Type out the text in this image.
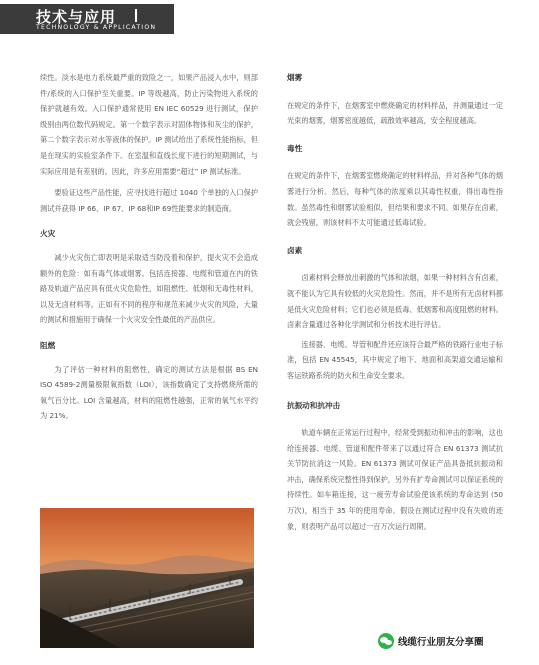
技术与应用
TECHNOLOGY & APPLICATION

续性。淡水是电力系统最严重的致险之一，如果产品浸入水中，则部件/系统的入口保护至关重要。IP 等级越高，防止污染物进入系统的保护就越有效。入口保护通常使用 EN IEC 60529 进行测试，保护级别由两位数代码规定。第一个数字表示对固体物体和灰尘的保护，第二个数字表示对水等液体的保护。IP 测试给出了系统性能指标，但是在现实的实验室条件下。在室温和直线长度下进行的短期测试，与实际应用是有差别的。因此，许多应用需要“超过” IP 测试标准。

要验证这些产品性能，应寻找进行超过 1040 个单独的入口保护测试并获得 IP 66、IP 67、IP 68和IP 69性能要求的制造商。

火灾

减少火灾伤亡即表明是采取适当防没着和保护，提火灾不会造成额外的危险：如有毒气体或烟雾。包括连接器、电缆和管道在内的铁路及轨道产品应具有低火灾危险性，如阻燃性、低烟和无毒性材料，以及无卤材料等。正如有不同的程序和规范来减少火灾的风险，大量的测试和措施用于确保一个火灾安全性最低的产品供应。

阻燃

为了评估一种材料的阻燃性，确定的测试方法是根据 BS EN ISO 4589-2测量极限氧指数（LOI），该指数确定了支持燃烧所需的氧气百分比。LOI 含量越高，材料的阻燃性越强，正常的氧气水平约为 21%。

烟雾

在规定的条件下，在烟雾室中燃烧确定的材料样品，并测量通过一定光束的烟雾，烟雾密度越低，疏散效率越高，安全程度越高。

毒性

在规定的条件下，在烟雾室燃烧确定的材料样品，并对各种气体的烟雾进行分析。然后，每种气体的浓度乘以其毒性权重，得出毒性指数。虽然毒性和烟雾试验相似，但结果和要求不同。如果存在卤素，就会残留，则该材料不太可能通过低毒试验。

卤素

卤素材料会释放出刺激的气体和浓烟，如果一种材料含有卤素，就不能认为它具有较低的火灾危险性。然而，并不是所有无卤材料都是低火灾危险材料；它们也必须是低毒、低烟雾和高度阻燃的材料。卤素含量通过各种化学测试和分析技术进行评估。

连接器、电缆、导管和配件还应该符合最严格的铁路行业电子标准，包括 EN 45545，其中规定了地下、地面和高架道交通运输和客运铁路系统的防火和生命安全要求。

抗振动和抗冲击

轨道车辆在正常运行过程中，经常受到振动和冲击的影响，这也给连接器、电缆、管道和配件带来了以通过符合 EN 61373 测试抗关节防抗消这一风险。EN 61373 测试可保证产品具备抵抗振动和冲击，确保系统完整性得到保护，另外有扩寿命测试可以保证系统的持续性。如车箱连接，这一疲劳寿命试验使该系统的寿命达到 (50 万次)，相当于 35 年的使用寿命。假设在测试过程中没有失败的迹象，则表明产品可以超过一百万次运行周期。

线缆行业朋友分享圈
